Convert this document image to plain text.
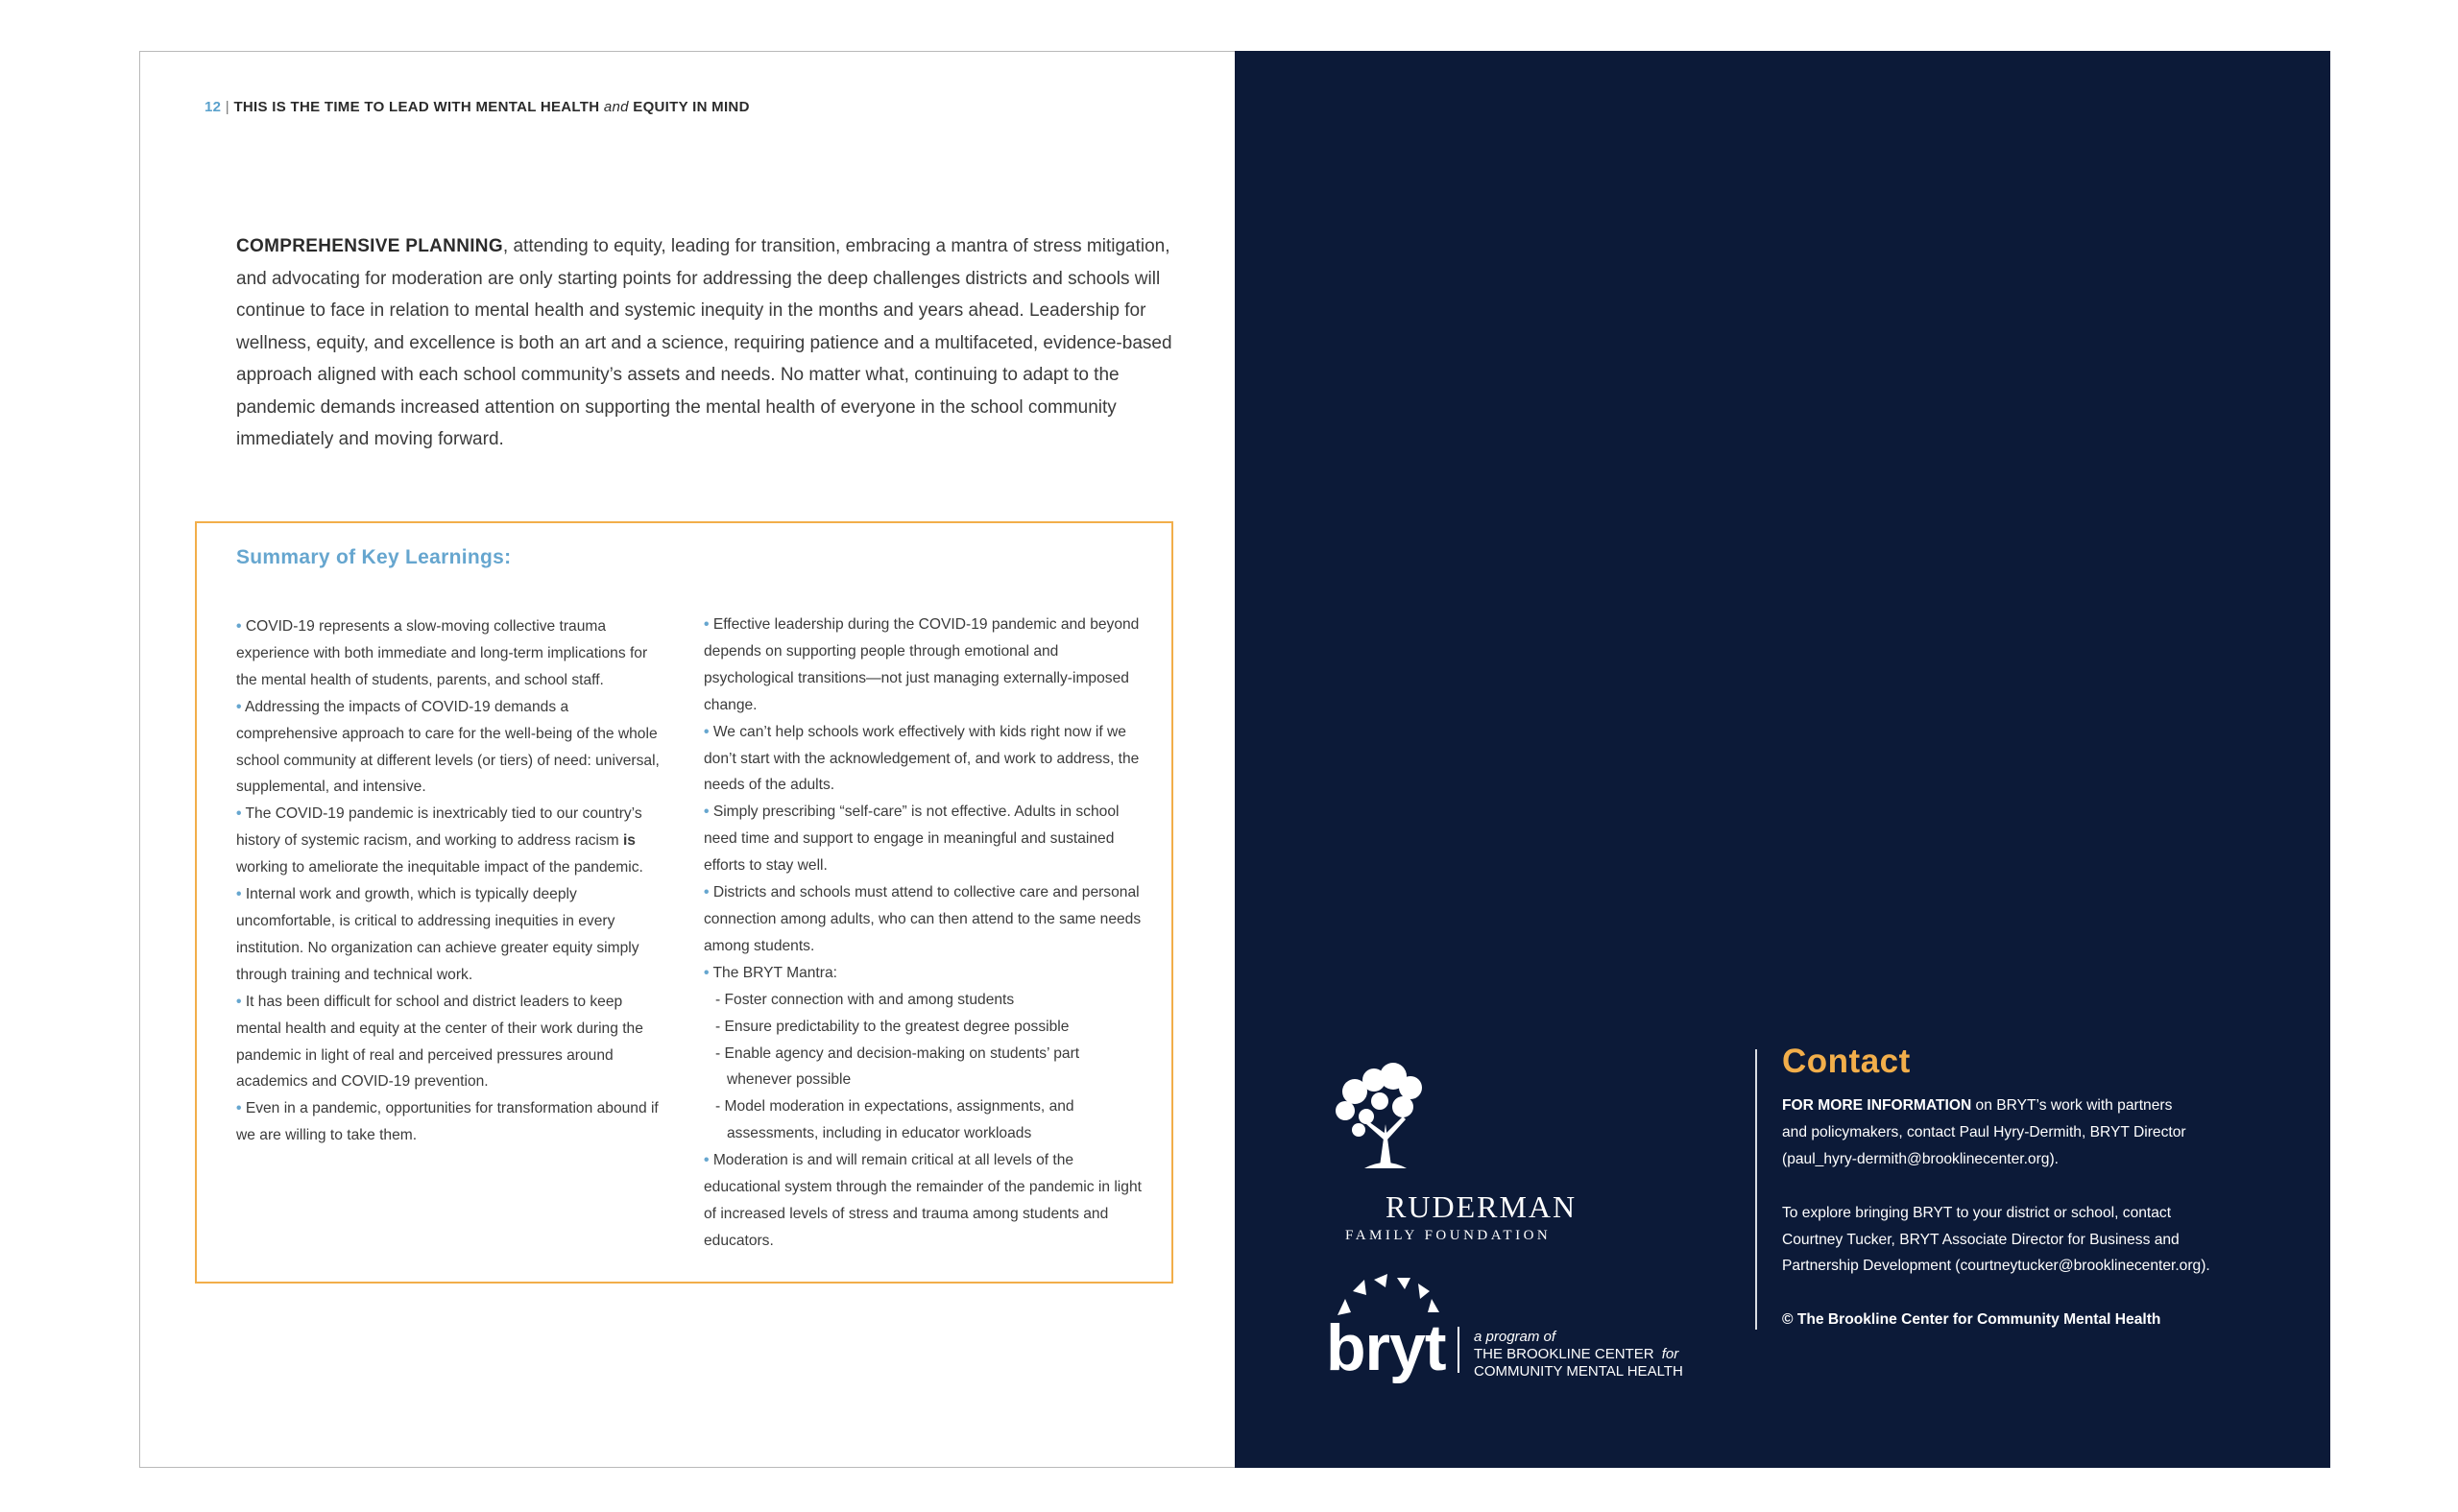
12 | THIS IS THE TIME TO LEAD WITH MENTAL HEALTH and EQUITY IN MIND

COMPREHENSIVE PLANNING, attending to equity, leading for transition, embracing a mantra of stress mitigation, and advocating for moderation are only starting points for addressing the deep challenges districts and schools will continue to face in relation to mental health and systemic inequity in the months and years ahead. Leadership for wellness, equity, and excellence is both an art and a science, requiring patience and a multifaceted, evidence-based approach aligned with each school community’s assets and needs. No matter what, continuing to adapt to the pandemic demands increased attention on supporting the mental health of everyone in the school community immediately and moving forward.

Summary of Key Learnings:

• COVID-19 represents a slow-moving collective trauma experience with both immediate and long-term implications for the mental health of students, parents, and school staff.

• Addressing the impacts of COVID-19 demands a comprehensive approach to care for the well-being of the whole school community at different levels (or tiers) of need: universal, supplemental, and intensive.

• The COVID-19 pandemic is inextricably tied to our country’s history of systemic racism, and working to address racism is working to ameliorate the inequitable impact of the pandemic.

• Internal work and growth, which is typically deeply uncomfortable, is critical to addressing inequities in every institution. No organization can achieve greater equity simply through training and technical work.

• It has been difficult for school and district leaders to keep mental health and equity at the center of their work during the pandemic in light of real and perceived pressures around academics and COVID-19 prevention.

• Even in a pandemic, opportunities for transformation abound if we are willing to take them.

• Effective leadership during the COVID-19 pandemic and beyond depends on supporting people through emotional and psychological transitions—not just managing externally-imposed change.

• We can’t help schools work effectively with kids right now if we don’t start with the acknowledgement of, and work to address, the needs of the adults.

• Simply prescribing “self-care” is not effective. Adults in school need time and support to engage in meaningful and sustained efforts to stay well.

• Districts and schools must attend to collective care and personal connection among adults, who can then attend to the same needs among students.

• The BRYT Mantra:

- Foster connection with and among students

- Ensure predictability to the greatest degree possible

- Enable agency and decision-making on students’ part

whenever possible

- Model moderation in expectations, assignments, and

assessments, including in educator workloads

• Moderation is and will remain critical at all levels of the educational system through the remainder of the pandemic in light of increased levels of stress and trauma among students and educators.

RUDERMAN
FAMILY FOUNDATION
bryt a program of
THE BROOKLINE CENTER for
COMMUNITY MENTAL HEALTH
Contact

FOR MORE INFORMATION on BRYT’s work with partners

and policymakers, contact Paul Hyry-Dermith, BRYT Director

(paul_hyry-dermith@brooklinecenter.org).

To explore bringing BRYT to your district or school, contact

Courtney Tucker, BRYT Associate Director for Business and

Partnership Development (courtneytucker@brooklinecenter.org).

© The Brookline Center for Community Mental Health
